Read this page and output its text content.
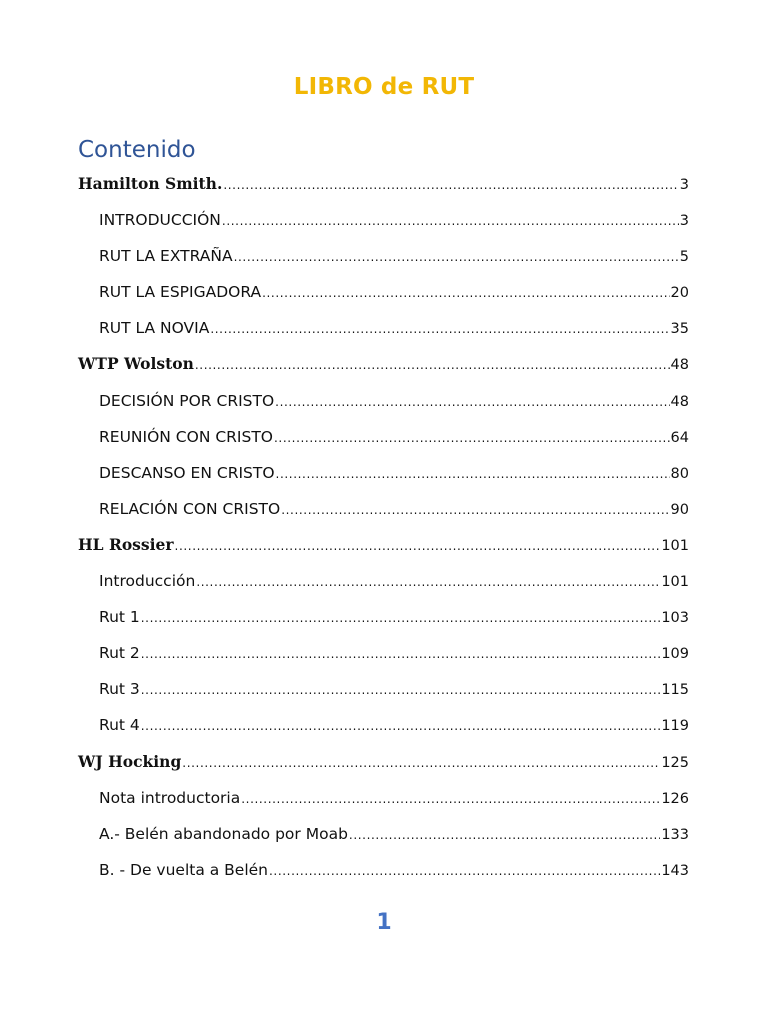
LIBRO de RUT
Contenido
Hamilton Smith. .....	3
INTRODUCCIÓN .....	3
RUT LA EXTRAÑA .....	5
RUT LA ESPIGADORA .....	20
RUT LA NOVIA .....	35
WTP Wolston .....	48
DECISIÓN POR CRISTO .....	48
REUNIÓN CON CRISTO .....	64
DESCANSO EN CRISTO .....	80
RELACIÓN CON CRISTO .....	90
HL Rossier .....	101
Introducción .....	101
Rut 1 .....	103
Rut 2 .....	109
Rut 3 .....	115
Rut 4 .....	119
WJ Hocking .....	125
Nota introductoria .....	126
A.- Belén abandonado por Moab .....	133
B. - De vuelta a Belén .....	143
1
